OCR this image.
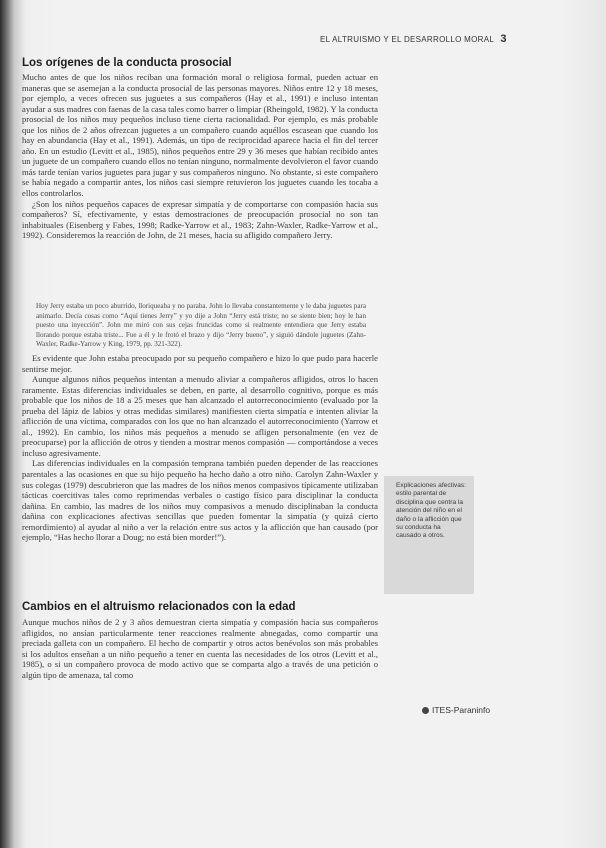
EL ALTRUISMO Y EL DESARROLLO MORAL 3
Los orígenes de la conducta prosocial

Mucho antes de que los niños reciban una formación moral o religiosa formal, pueden actuar en maneras que se asemejan a la conducta prosocial de las personas mayores. Niños entre 12 y 18 meses, por ejemplo, a veces ofrecen sus juguetes a sus compañeros (Hay et al., 1991) e incluso intentan ayudar a sus madres con faenas de la casa tales como barrer o limpiar (Rheingold, 1982). Y la conducta prosocial de los niños muy pequeños incluso tiene cierta racionalidad. Por ejemplo, es más probable que los niños de 2 años ofrezcan juguetes a un compañero cuando aquéllos escasean que cuando los hay en abundancia (Hay et al., 1991). Además, un tipo de reciprocidad aparece hacia el fin del tercer año. En un estudio (Levitt et al., 1985), niños pequeños entre 29 y 36 meses que habían recibido antes un juguete de un compañero cuando ellos no tenían ninguno, normalmente devolvieron el favor cuando más tarde tenían varios juguetes para jugar y sus compañeros ninguno. No obstante, si este compañero se había negado a compartir antes, los niños casi siempre retuvieron los juguetes cuando les tocaba a ellos controlarlos.

¿Son los niños pequeños capaces de expresar simpatía y de comportarse con compasión hacia sus compañeros? Sí, efectivamente, y estas demostraciones de preocupación prosocial no son tan inhabituales (Eisenberg y Fabes, 1998; Radke-Yarrow et al., 1983; Zahn-Waxler, Radke-Yarrow et al., 1992). Consideremos la reacción de John, de 21 meses, hacia su afligido compañero Jerry.

Hoy Jerry estaba un poco aburrido, lloriqueaba y no paraba. John lo llevaba constantemente y le daba juguetes para animarlo. Decía cosas como “Aquí tienes Jerry” y yo dije a John “Jerry está triste; no se siente bien; hoy le han puesto una inyección”. John me miró con sus cejas fruncidas como si realmente entendiera que Jerry estaba llorando porque estaba triste... Fue a él y le frotó el brazo y dijo “Jerry bueno”, y siguió dándole juguetes (Zahn-Waxler, Radke-Yarrow y King, 1979, pp. 321-322).

Es evidente que John estaba preocupado por su pequeño compañero e hizo lo que pudo para hacerle sentirse mejor.

Aunque algunos niños pequeños intentan a menudo aliviar a compañeros afligidos, otros lo hacen raramente. Estas diferencias individuales se deben, en parte, al desarrollo cognitivo, porque es más probable que los niños de 18 a 25 meses que han alcanzado el autorreconocimiento (evaluado por la prueba del lápiz de labios y otras medidas similares) manifiesten cierta simpatía e intenten aliviar la aflicción de una víctima, comparados con los que no han alcanzado el autorreconocimiento (Yarrow et al., 1992). En cambio, los niños más pequeños a menudo se afligen personalmente (en vez de preocuparse) por la aflicción de otros y tienden a mostrar menos compasión — comportándose a veces incluso agresivamente.

Las diferencias individuales en la compasión temprana también pueden depender de las reacciones parentales a las ocasiones en que su hijo pequeño ha hecho daño a otro niño. Carolyn Zahn-Waxler y sus colegas (1979) descubrieron que las madres de los niños menos compasivos típicamente utilizaban tácticas coercitivas tales como reprimendas verbales o castigo físico para disciplinar la conducta dañina. En cambio, las madres de los niños muy compasivos a menudo disciplinaban la conducta dañina con explicaciones afectivas sencillas que pueden fomentar la simpatía (y quizá cierto remordimiento) al ayudar al niño a ver la relación entre sus actos y la aflicción que han causado (por ejemplo, “Has hecho llorar a Doug; no está bien morder!”).

Explicaciones afectivas: estilo parental de disciplina que centra la atención del niño en el daño o la aflicción que su conducta ha causado a otros.
Cambios en el altruismo relacionados con la edad

Aunque muchos niños de 2 y 3 años demuestran cierta simpatía y compasión hacia sus compañeros afligidos, no ansían particularmente tener reacciones realmente abnegadas, como compartir una preciada galleta con un compañero. El hecho de compartir y otros actos benévolos son más probables si los adultos enseñan a un niño pequeño a tener en cuenta las necesidades de los otros (Levitt et al., 1985), o si un compañero provoca de modo activo que se comparta algo a través de una petición o algún tipo de amenaza, tal como

ITES-Paraninfo
